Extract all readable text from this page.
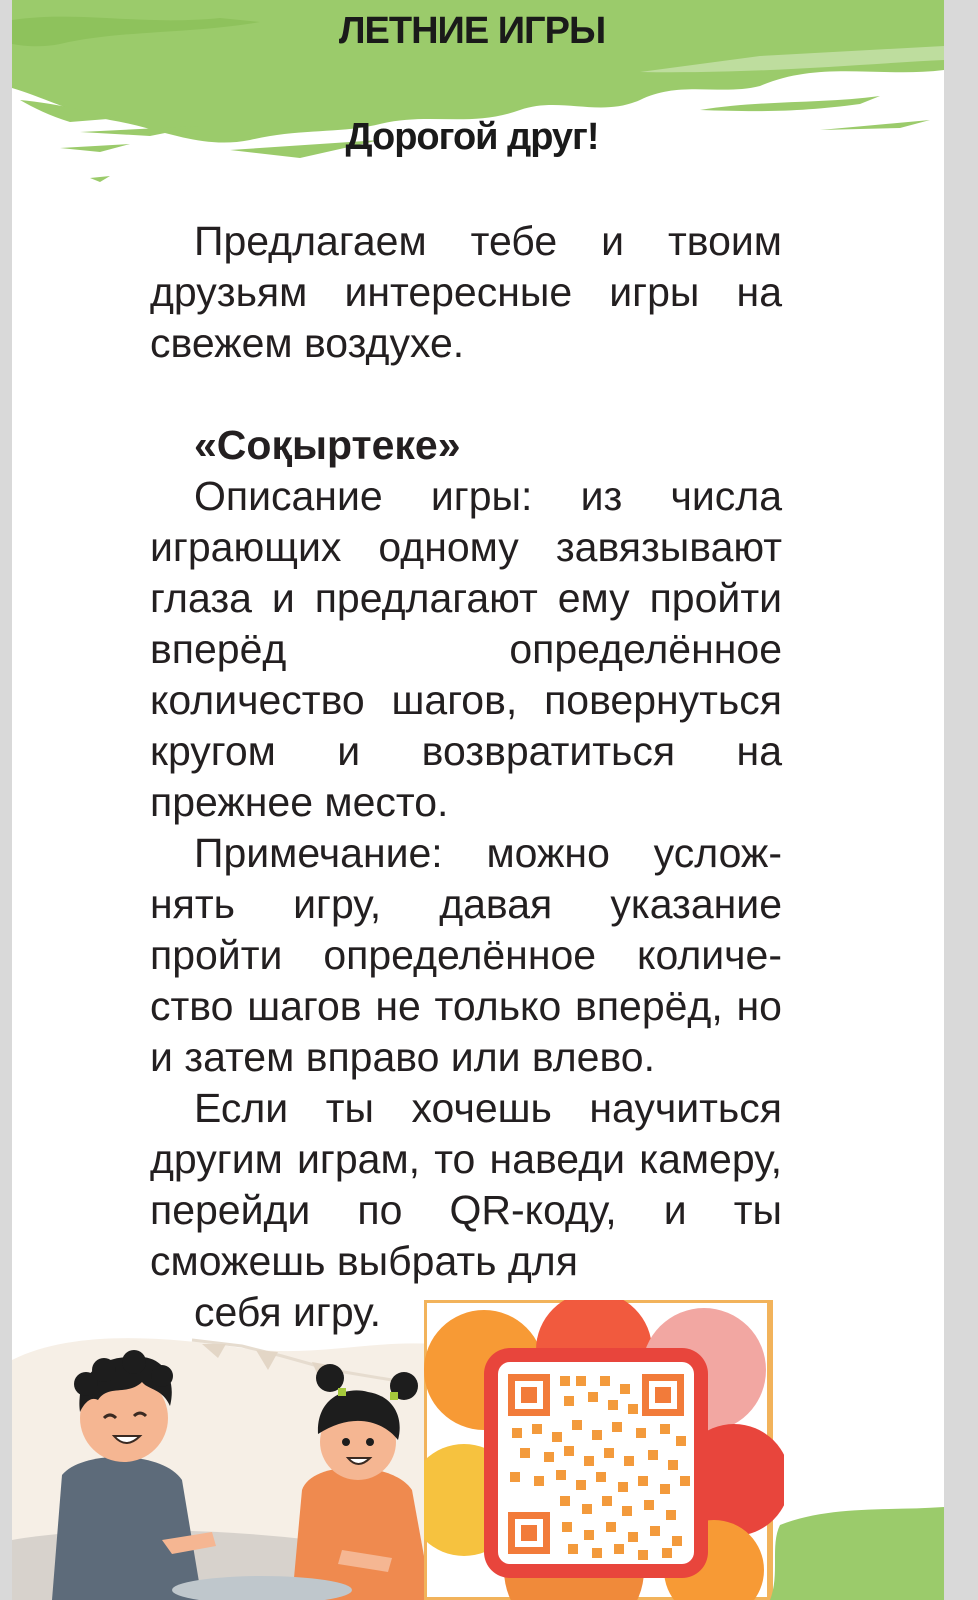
ЛЕТНИЕ ИГРЫ
Дорогой друг!

Предлагаем тебе и твоим друзьям интересные игры на свежем воздухе.

«Соқыртеке»

Описание игры: из числа играющих одному завязывают глаза и предлагают ему пройти вперёд определённое количество шагов, повернуться кругом и возвратиться на прежнее место.

Примечание: можно усложнять игру, давая указание пройти определённое количество шагов не только вперёд, но и затем вправо или влево.

Если ты хочешь научиться другим играм, то наведи камеру, перейди по QR-коду, и ты сможешь выбрать для

себя игру.
